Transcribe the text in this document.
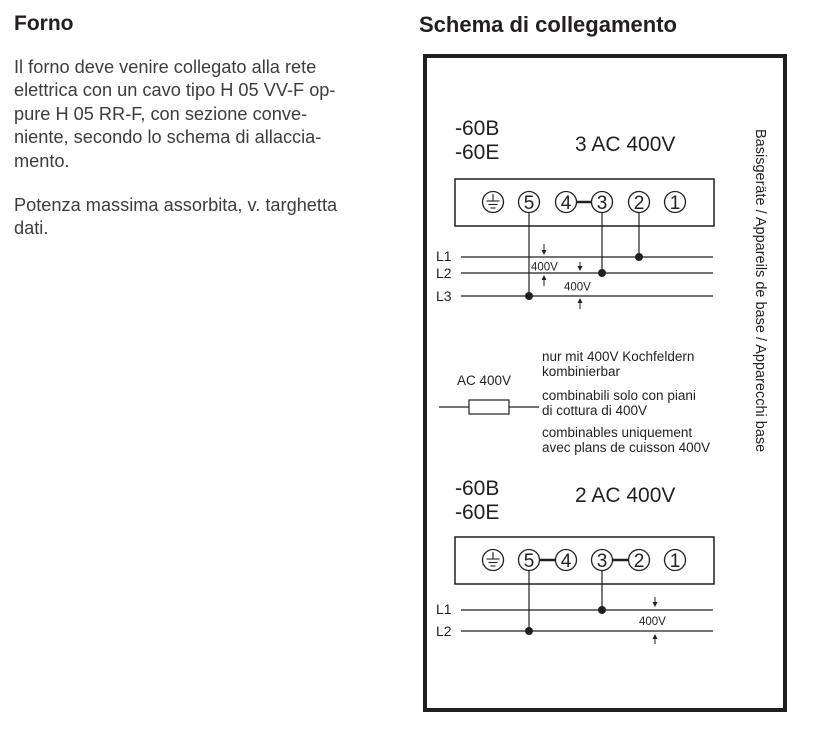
Forno

Il forno deve venire collegato alla rete
elettrica con un cavo tipo H 05 VV-F op-
pure H 05 RR-F, con sezione conve-
niente, secondo lo schema di allaccia-
mento.

Potenza massima assorbita, v. targhetta
dati.

Schema di collegamento
Basisgeräte / Appareils de base / Apparecchi base
-60B
-60E	3 AC 400V
5 4 3 2 1
L1
L2
L3
400V
400V
AC 400V
nur mit 400V Kochfeldern
kombinierbar
combinabili solo con piani
di cottura di 400V
combinables uniquement
avec plans de cuisson 400V
-60B
-60E
2 AC 400V
5 4 3 2 1
L1
L2
400V
